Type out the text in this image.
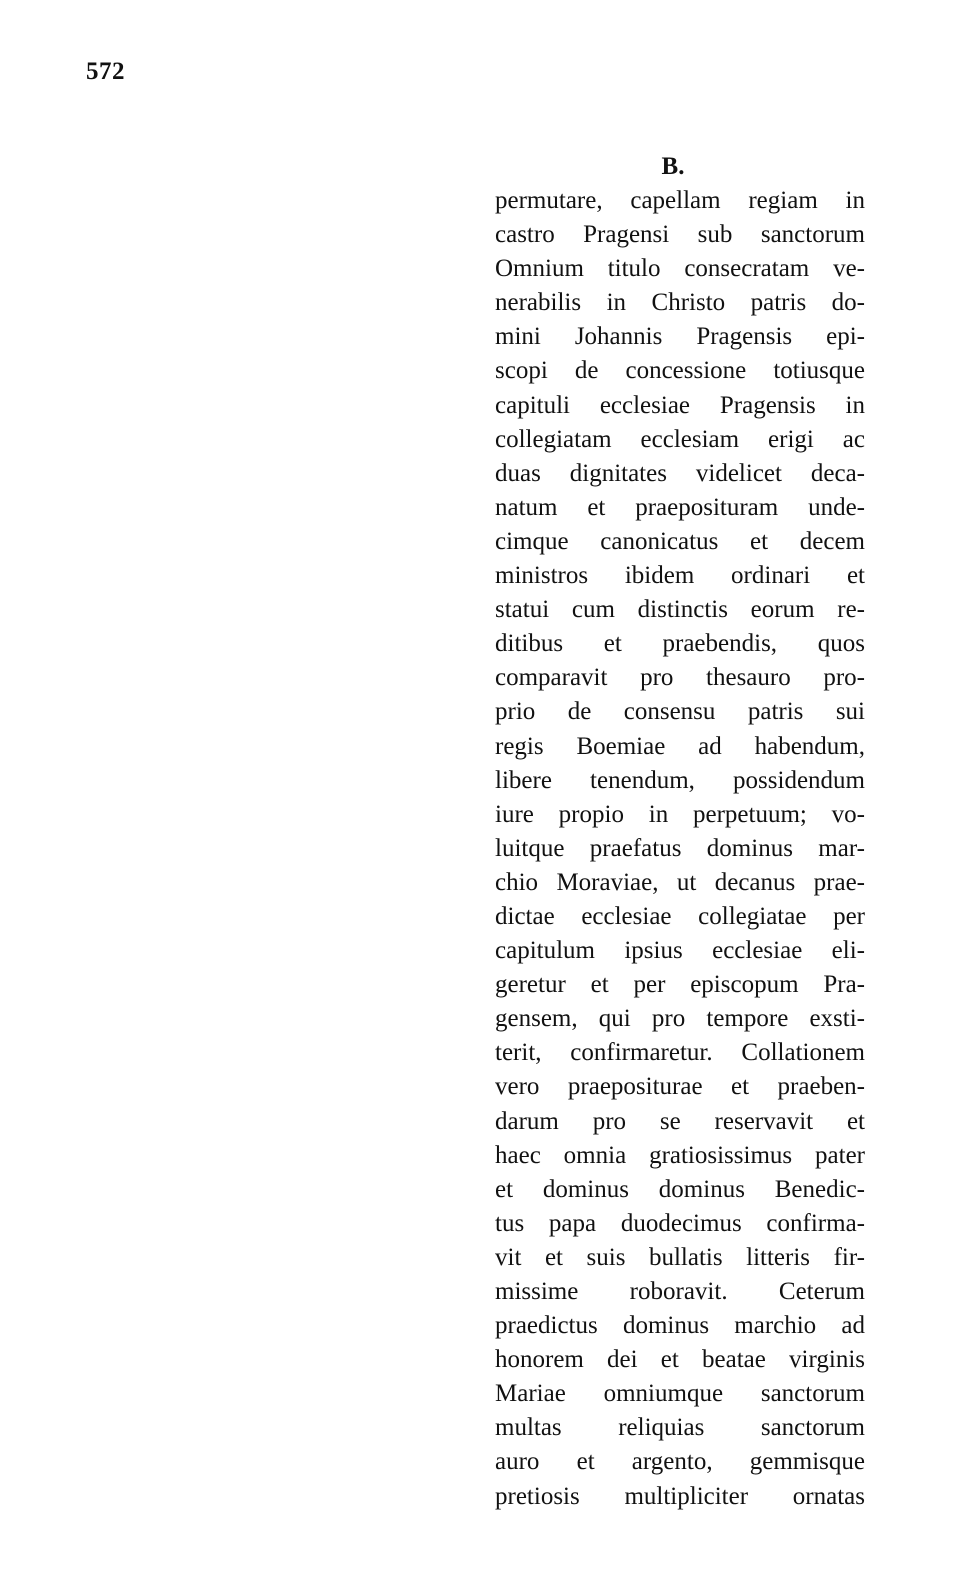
572
B.
permutare, capellam regiam in
castro Pragensi sub sanctorum
Omnium titulo consecratam ve-
nerabilis in Christo patris do-
mini Johannis Pragensis epi-
scopi de concessione totiusque
capituli ecclesiae Pragensis in
collegiatam ecclesiam erigi ac
duas dignitates videlicet deca-
natum et praeposituram unde-
cimque canonicatus et decem
ministros ibidem ordinari et
statui cum distinctis eorum re-
ditibus et praebendis, quos
comparavit pro thesauro pro-
prio de consensu patris sui
regis Boemiae ad habendum,
libere tenendum, possidendum
iure propio in perpetuum; vo-
luitque praefatus dominus mar-
chio Moraviae, ut decanus prae-
dictae ecclesiae collegiatae per
capitulum ipsius ecclesiae eli-
geretur et per episcopum Pra-
gensem, qui pro tempore exsti-
terit, confirmaretur. Collationem
vero praeposituraе et praeben-
darum pro se reservavit et
haec omnia gratiosissimus pater
et dominus dominus Benedic-
tus papa duodecimus confirma-
vit et suis bullatis litteris fir-
missime roboravit. Ceterum
praedictus dominus marchio ad
honorem dei et beatae virginis
Mariae omniumque sanctorum
multas reliquias sanctorum
auro et argento, gemmisque
pretiosis multipliciter ornatas
